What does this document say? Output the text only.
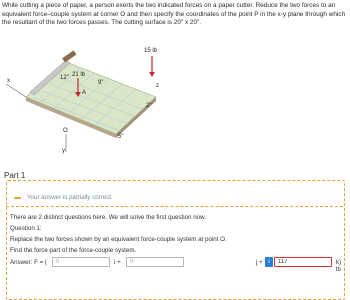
While cutting a piece of paper, a person exerts the two indicated forces on a paper cutter. Reduce the two forces to an equivalent force–couple system at corner O and then specify the coordinates of the point P in the x-y plane through which the resultant of the two forces passes. The cutting surface is 20" x 20".
x
y
O
21 lb
A
15 lb
12"
9"
5"
2"
z
Part 1
Your answer is partially correct.
There are 2 distinct questions here. We will solve the first question now.
Question 1:
Replace the two forces shown by an equivalent force-couple system at point O.
Find the force part of the force-couple system.
Answer: F = (
0	i +
0	j + i
117	k) lb
